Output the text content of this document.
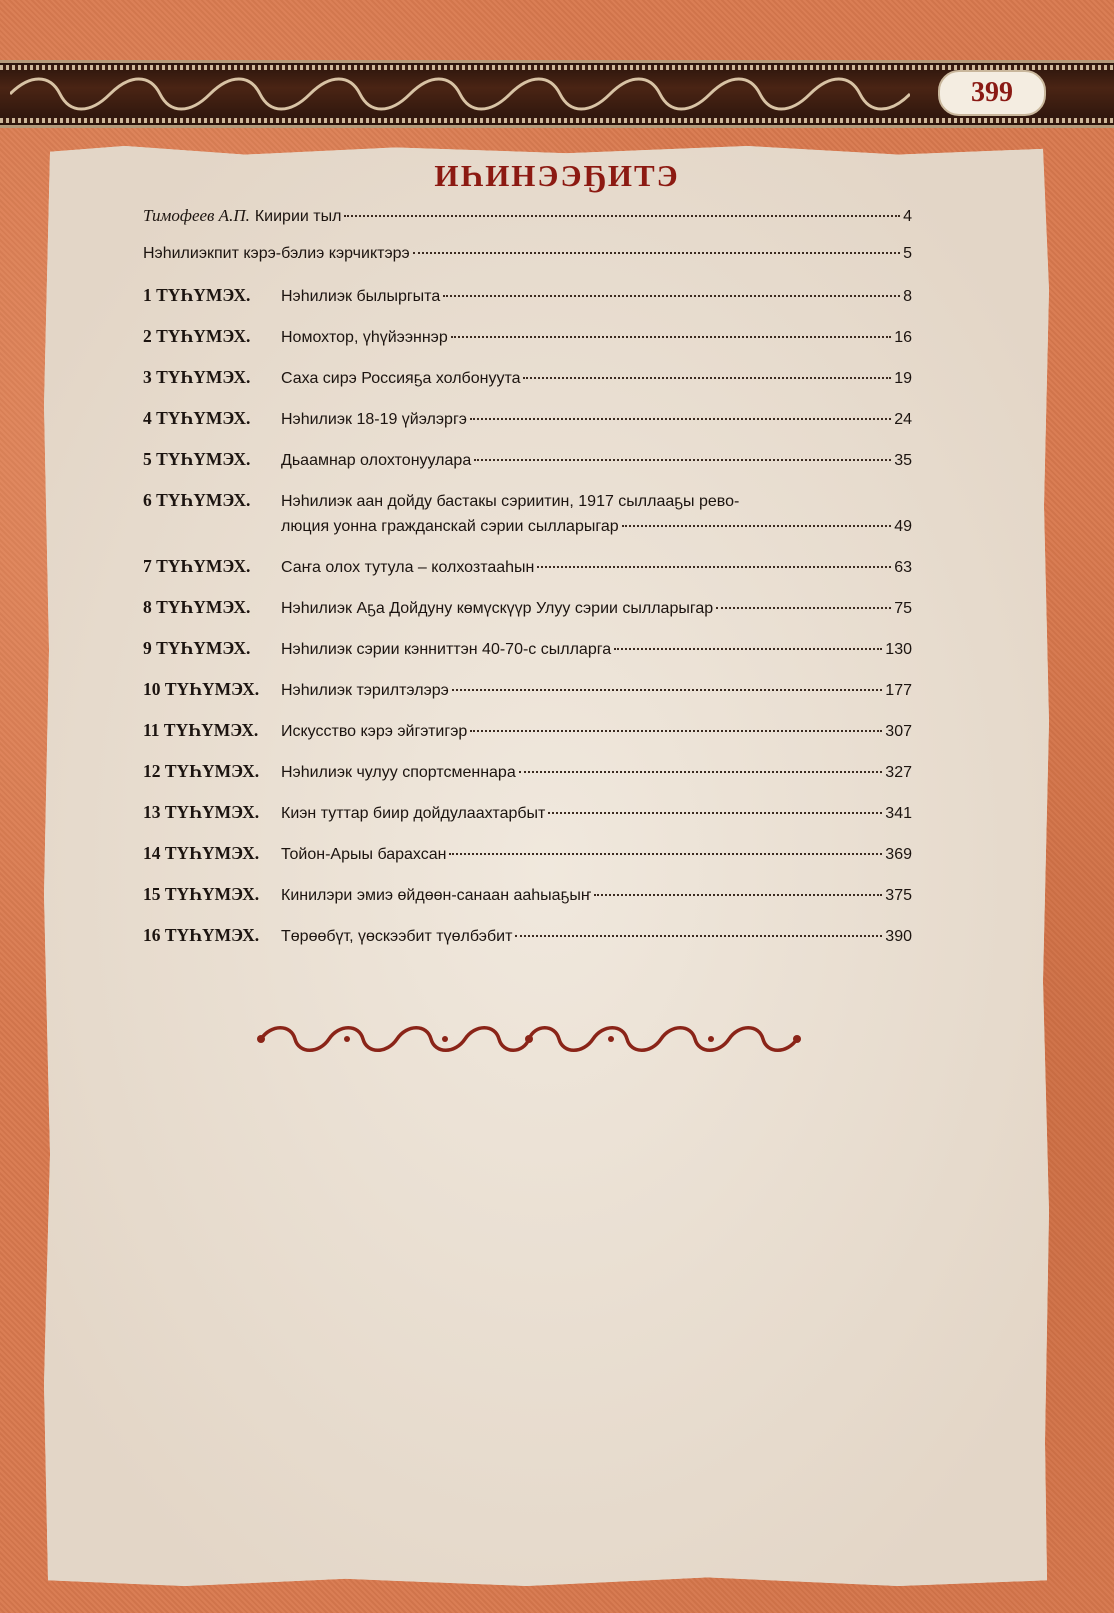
399
ИҺИНЭЭҔИТЭ
Тимофеев А.П. Киирии тыл	4
Нэһилиэкпит кэрэ-бэлиэ кэрчиктэрэ	5
1 ТҮҺҮМЭХ.	Нэһилиэк былыргыта	8
2 ТҮҺҮМЭХ.	Номохтор, үһүйээннэр	16
3 ТҮҺҮМЭХ.	Саха сирэ Россияҕа холбонуута	19
4 ТҮҺҮМЭХ.	Нэһилиэк 18-19 үйэлэргэ	24
5 ТҮҺҮМЭХ.	Дьаамнар олохтонуулара	35
6 ТҮҺҮМЭХ.	Нэһилиэк аан дойду бастакы сэриитин, 1917 сыллааҕы рево-
люция уонна гражданскай сэрии сылларыгар	49
7 ТҮҺҮМЭХ.	Саҥа олох тутула – колхозтааһын	63
8 ТҮҺҮМЭХ.	Нэһилиэк Аҕа Дойдуну көмүскүүр Улуу сэрии сылларыгар	75
9 ТҮҺҮМЭХ.	Нэһилиэк сэрии кэнниттэн 40-70-с сылларга	130
10 ТҮҺҮМЭХ.	Нэһилиэк тэрилтэлэрэ	177
11 ТҮҺҮМЭХ.	Искусство кэрэ эйгэтигэр	307
12 ТҮҺҮМЭХ.	Нэһилиэк чулуу спортсменнара	327
13 ТҮҺҮМЭХ.	Киэн туттар биир дойдулаахтарбыт	341
14 ТҮҺҮМЭХ.	Тойон-Арыы барахсан	369
15 ТҮҺҮМЭХ.	Кинилэри эмиэ өйдөөн-санаан ааһыаҕыҥ	375
16 ТҮҺҮМЭХ.	Төрөөбүт, үөскээбит түөлбэбит	390
